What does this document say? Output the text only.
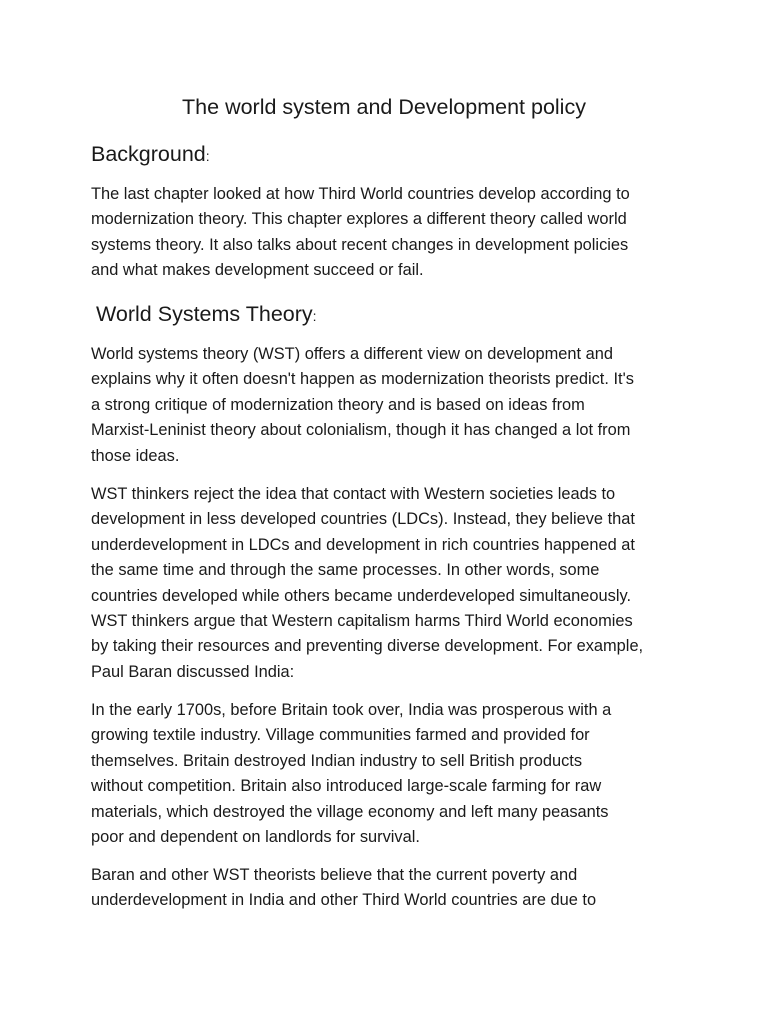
The world system and Development policy
Background:

The last chapter looked at how Third World countries develop according to
modernization theory. This chapter explores a different theory called world
systems theory. It also talks about recent changes in development policies
and what makes development succeed or fail.

World Systems Theory:

World systems theory (WST) offers a different view on development and
explains why it often doesn't happen as modernization theorists predict. It's
a strong critique of modernization theory and is based on ideas from
Marxist-Leninist theory about colonialism, though it has changed a lot from
those ideas.

WST thinkers reject the idea that contact with Western societies leads to
development in less developed countries (LDCs). Instead, they believe that
underdevelopment in LDCs and development in rich countries happened at
the same time and through the same processes. In other words, some
countries developed while others became underdeveloped simultaneously.
WST thinkers argue that Western capitalism harms Third World economies
by taking their resources and preventing diverse development. For example,
Paul Baran discussed India:

In the early 1700s, before Britain took over, India was prosperous with a
growing textile industry. Village communities farmed and provided for
themselves. Britain destroyed Indian industry to sell British products
without competition. Britain also introduced large-scale farming for raw
materials, which destroyed the village economy and left many peasants
poor and dependent on landlords for survival.

Baran and other WST theorists believe that the current poverty and
underdevelopment in India and other Third World countries are due to
